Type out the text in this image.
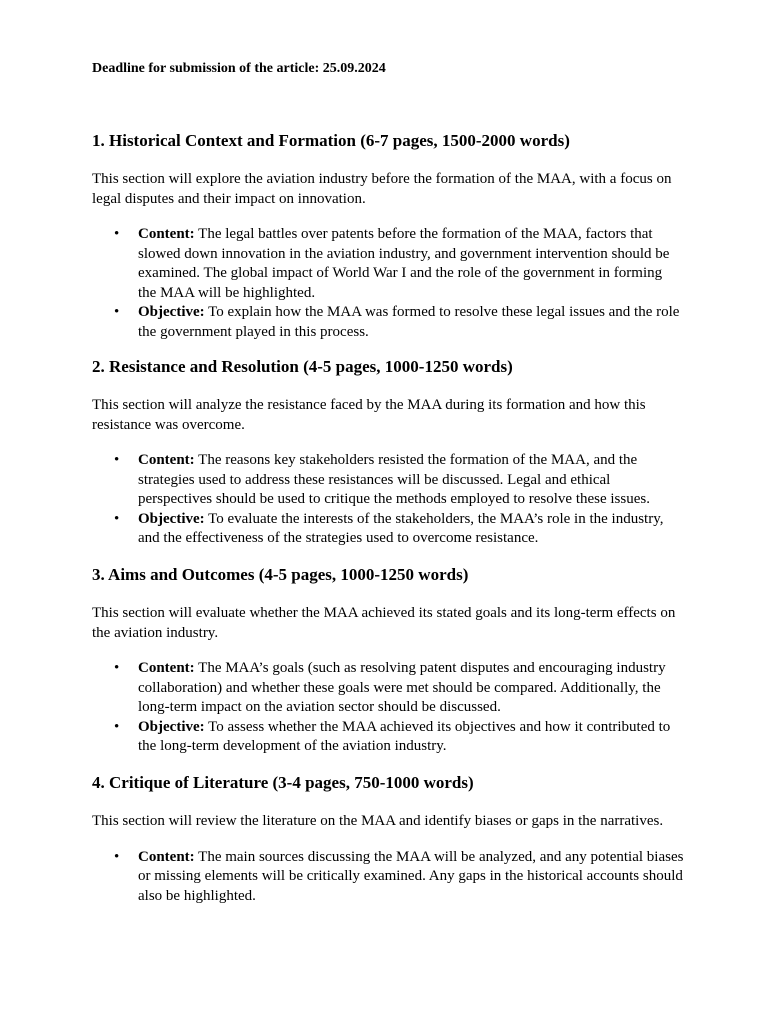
Deadline for submission of the article: 25.09.2024
1. Historical Context and Formation (6-7 pages, 1500-2000 words)

This section will explore the aviation industry before the formation of the MAA, with a focus on legal disputes and their impact on innovation.

• Content: The legal battles over patents before the formation of the MAA, factors that slowed down innovation in the aviation industry, and government intervention should be examined. The global impact of World War I and the role of the government in forming the MAA will be highlighted.
• Objective: To explain how the MAA was formed to resolve these legal issues and the role the government played in this process.
2. Resistance and Resolution (4-5 pages, 1000-1250 words)

This section will analyze the resistance faced by the MAA during its formation and how this resistance was overcome.

• Content: The reasons key stakeholders resisted the formation of the MAA, and the strategies used to address these resistances will be discussed. Legal and ethical perspectives should be used to critique the methods employed to resolve these issues.
• Objective: To evaluate the interests of the stakeholders, the MAA’s role in the industry, and the effectiveness of the strategies used to overcome resistance.
3. Aims and Outcomes (4-5 pages, 1000-1250 words)

This section will evaluate whether the MAA achieved its stated goals and its long-term effects on the aviation industry.

• Content: The MAA’s goals (such as resolving patent disputes and encouraging industry collaboration) and whether these goals were met should be compared. Additionally, the long-term impact on the aviation sector should be discussed.
• Objective: To assess whether the MAA achieved its objectives and how it contributed to the long-term development of the aviation industry.
4. Critique of Literature (3-4 pages, 750-1000 words)

This section will review the literature on the MAA and identify biases or gaps in the narratives.

• Content: The main sources discussing the MAA will be analyzed, and any potential biases or missing elements will be critically examined. Any gaps in the historical accounts should also be highlighted.
